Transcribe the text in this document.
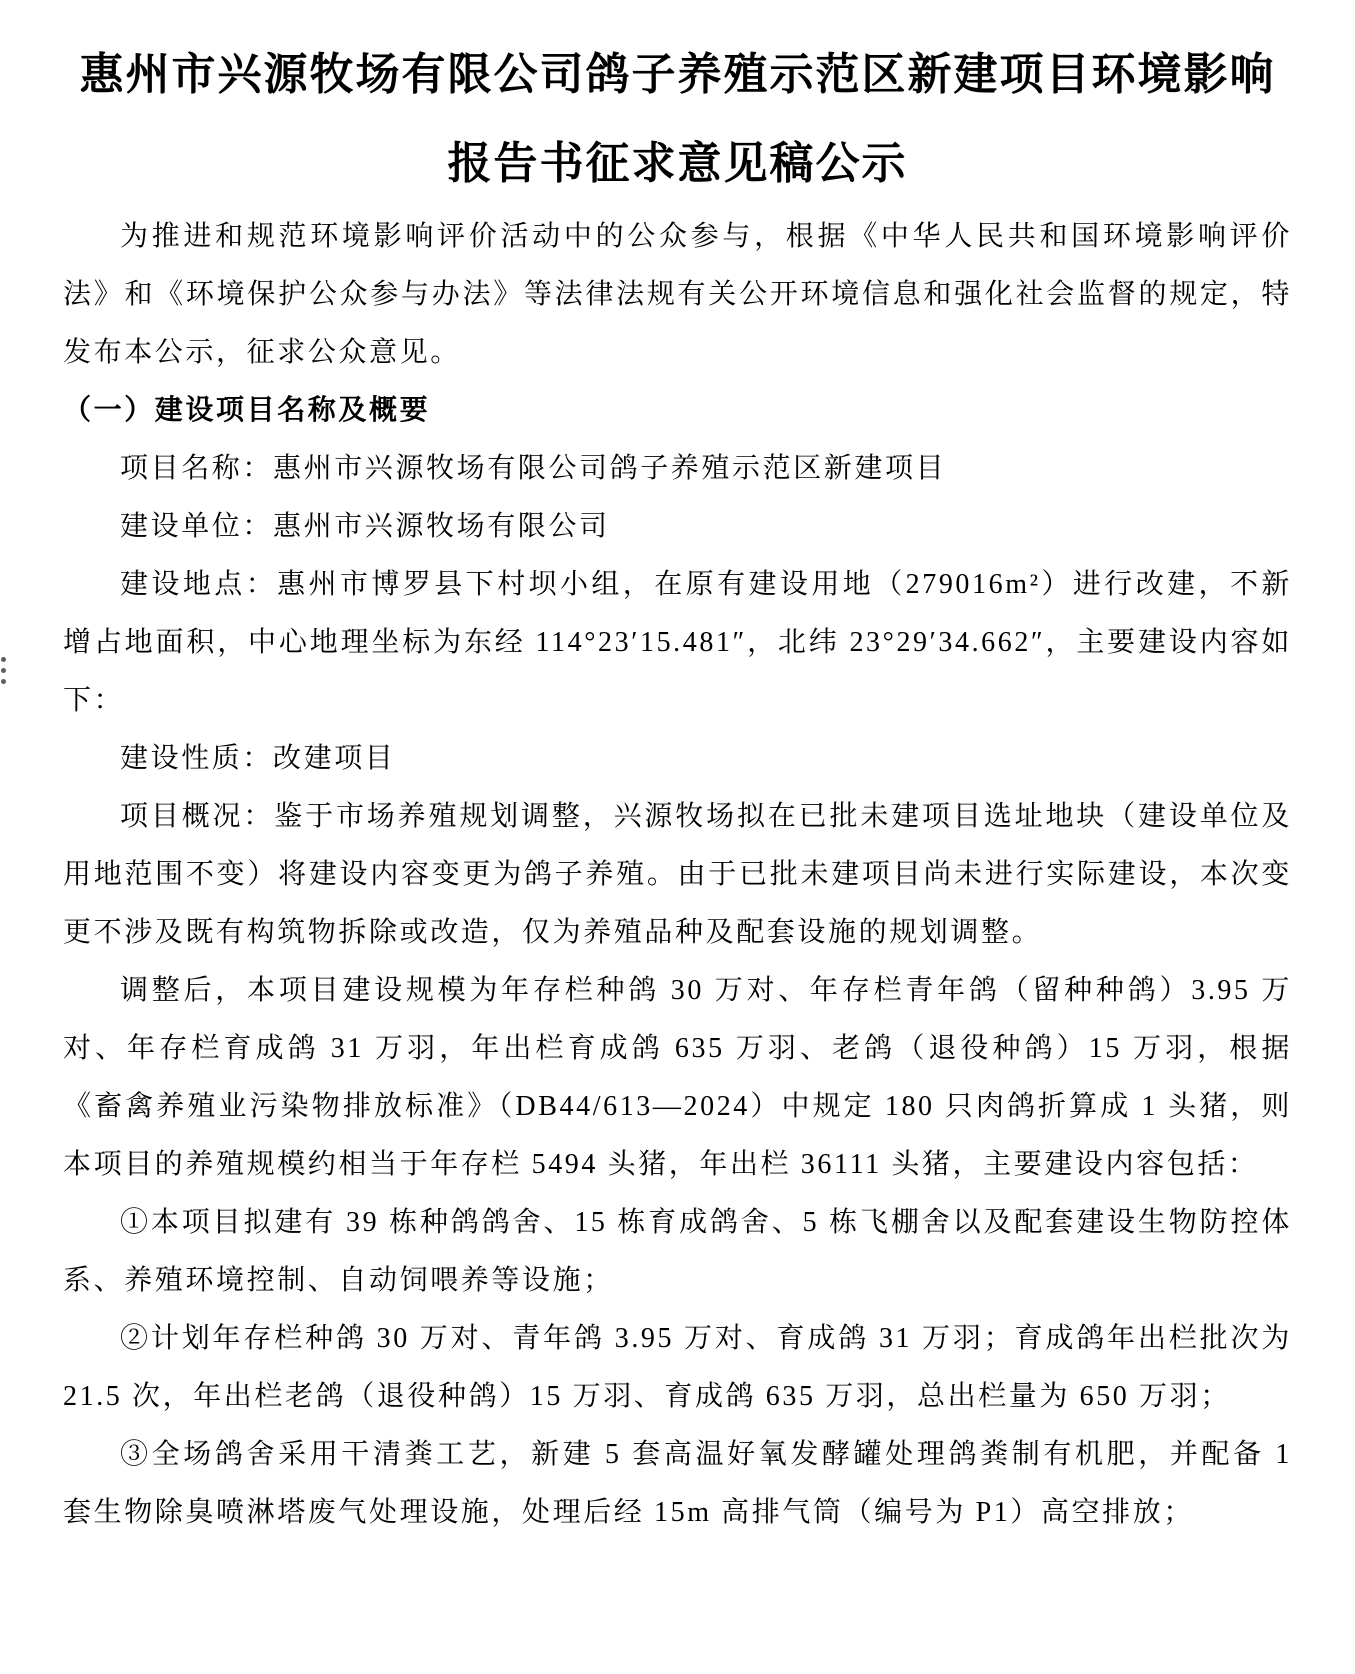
惠州市兴源牧场有限公司鸽子养殖示范区新建项目环境影响
报告书征求意见稿公示

为推进和规范环境影响评价活动中的公众参与，根据《中华人民共和国环境影响评价法》和《环境保护公众参与办法》等法律法规有关公开环境信息和强化社会监督的规定，特发布本公示，征求公众意见。

（一）建设项目名称及概要

项目名称：惠州市兴源牧场有限公司鸽子养殖示范区新建项目

建设单位：惠州市兴源牧场有限公司

建设地点：惠州市博罗县下村坝小组，在原有建设用地（279016m²）进行改建，不新增占地面积，中心地理坐标为东经 114°23′15.481″，北纬 23°29′34.662″，主要建设内容如下：

建设性质：改建项目

项目概况：鉴于市场养殖规划调整，兴源牧场拟在已批未建项目选址地块（建设单位及用地范围不变）将建设内容变更为鸽子养殖。由于已批未建项目尚未进行实际建设，本次变更不涉及既有构筑物拆除或改造，仅为养殖品种及配套设施的规划调整。

调整后，本项目建设规模为年存栏种鸽 30 万对、年存栏青年鸽（留种种鸽）3.95 万对、年存栏育成鸽 31 万羽，年出栏育成鸽 635 万羽、老鸽（退役种鸽）15 万羽，根据《畜禽养殖业污染物排放标准》（DB44/613—2024）中规定 180 只肉鸽折算成 1 头猪，则本项目的养殖规模约相当于年存栏 5494 头猪，年出栏 36111 头猪，主要建设内容包括：

①本项目拟建有 39 栋种鸽鸽舍、15 栋育成鸽舍、5 栋飞棚舍以及配套建设生物防控体系、养殖环境控制、自动饲喂养等设施；

②计划年存栏种鸽 30 万对、青年鸽 3.95 万对、育成鸽 31 万羽；育成鸽年出栏批次为 21.5 次，年出栏老鸽（退役种鸽）15 万羽、育成鸽 635 万羽，总出栏量为 650 万羽；

③全场鸽舍采用干清粪工艺，新建 5 套高温好氧发酵罐处理鸽粪制有机肥，并配备 1 套生物除臭喷淋塔废气处理设施，处理后经 15m 高排气筒（编号为 P1）高空排放；
